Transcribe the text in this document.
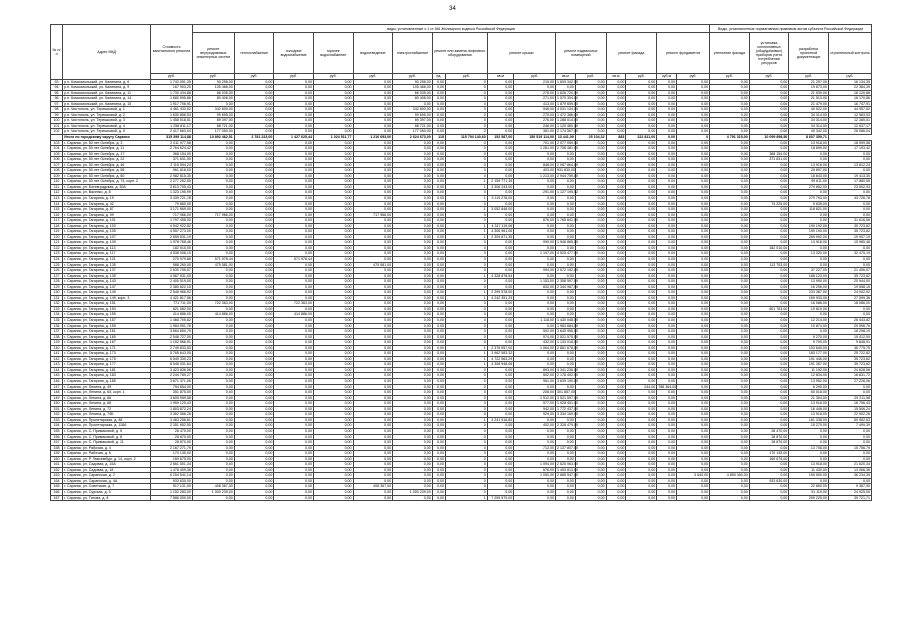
34
№ п/п	Адрес МКД	Стоимость капитального ремонта	виды, установленные ч.1 ст.166 Жилищного кодекса Российской Федерации																Виды, установленные нормативным правовым актом субъекта Российской Федерации			
			ремонт внутридомовых инженерных систем	теплоснабжение	холодное водоснабжение	горячее водоснабжение	водоотведение	электроснабжение	ремонт или замена лифтового оборудования		ремонт крыши		ремонт подвальных помещений		ремонт фасада		ремонт фундамента		утепление фасада	установка коллективных (общедомовых) приборов учета потребления ресурсов	разработка проектной документации	строительный контроль
		руб.	руб.	руб.	руб.	руб.	руб.	руб.	ед.	руб.	кв.м	руб.	кв.м	руб.	кв.м	руб.	куб.м	руб.	руб.	руб.	руб.	руб.
93	р.п. Комсомольский, ул. Калинина, д. 6	1 742 051,35	90 258,00	0,00	0,00	0,00	0,00	90 258,00	0,00	0	0,00	215,00	1 609 342,00	0,00	0,00	0,00	0,00	0,00	0,00	0,00	21 257,00	16 134,35
94	р.п. Комсомольский, ул. Калинина, д. 9	167 903,20	105 466,00	0,00	0,00	0,00	0,00	105 466,00	0,00	0	0,00	0,00	0,00	0,00	0,00	0,00	0,00	0,00	0,00	0,00	19 673,00	22 384,39
95	р.п. Комсомольский, ул. Калинина, д. 11	1 730 434,88	66 035,00	0,00	0,00	0,00	0,00	66 035,00	0,00	0	0,00	278,00	1 626 720,00	0,00	0,00	0,00	0,00	0,00	0,00	0,00	21 539,00	16 120,88
96	р.п. Комсомольский, ул. Калинина, д. 14	1 680 595,86	80 408,00	0,00	0,00	0,00	0,00	80 408,00	0,00	0	0,00	271,00	1 570 304,00	0,00	0,00	0,00	0,00	0,00	0,00	0,00	21 513,00	16 170,86
97	р.п. Комсомольский, ул. Калинина, д. 15	1 917 706,91	0,00	0,00	0,00	0,00	0,00	0,00	0,00	0	0,00	413,00	1 879 659,00	0,00	0,00	0,00	0,00	0,00	0,00	0,00	21 479,00	16 747,91
98	р.п. Чистополь, ул. Терешковой, д. 1	4 461 433,52	342 600,00	0,00	0,00	0,00	0,00	342 600,00	0,00	0	0,00	946,00	4 031 134,00	0,00	0,00	0,00	0,00	0,00	0,00	0,00	40 522,00	44 957,52
99	р.п. Чистополь, ул. Терешковой, д. 2	1 630 856,53	99 695,00	0,00	0,00	0,00	0,00	99 695,00	0,00	0	0,00	275,00	1 472 386,00	0,00	0,00	0,00	0,00	0,00	0,00	0,00	34 314,00	12 583,53
100	р.п. Чистополь, ул. Терешковой, д. 3	1 458 518,51	89 397,00	0,00	0,00	0,00	0,00	89 397,00	0,00	0	0,00	276,00	1 288 014,00	0,00	0,00	0,00	0,00	0,00	0,00	0,00	34 314,00	12 385,51
101	р.п. Чистополь, ул. Терешковой, д. 4	1 256 811,17	88 721,00	0,00	0,00	0,00	0,00	88 721,00	0,00	0	0,00	246,00	1 120 460,00	0,00	0,00	0,00	0,00	0,00	0,00	0,00	34 314,00	12 637,17
102	р.п. Чистополь, ул. Терешковой, д. 5	2 417 663,04	177 050,00	0,00	0,00	0,00	0,00	177 050,00	0,00	0	0,00	381,00	2 174 567,00	0,00	0,00	0,00	0,00	0,00	0,00	0,00	40 342,00	26 086,04
	Итого по городскому округу Саранск	315 399 114,88	10 892 462,51	2 781 223,00	1 427 625,44	1 024 511,77	1 216 693,00	2 624 673,00	115	115 794 140,60	152 587,00	150 519 114,00	13 441,09	25 104,32	883	222 811,00	0,00	0	4 791 315,00	10 099 898,50	8 607 359,71	
103	г. Саранск, ул. 50 лет Октября, д. 3	2 011 977,58	0,00	0,00	0,00	0,00	0,00	0,00	0,00	0	0,00	701,00	2 077 059,00	0,00	0,00	0,00	0,00	0,00	0,00	0,00	13 918,00	18 999,58
104	г. Саранск, ул. 50 лет Октября, д. 11	2 764 624,42	0,00	0,00	0,00	0,00	0,00	0,00	0,00	0	0,00	1 261,00	2 706 481,00	0,00	0,00	0,00	0,00	0,00	0,00	0,00	18 699,00	17 193,42
105	г. Саранск, ул. 50 лет Октября, д. 17	368 154,00	0,00	0,00	0,00	0,00	0,00	0,00	0,00	0	0,00	0,00	0,00	0,00	0,00	0,00	0,00	0,00	0,00	368 154,00	0,00	0,00
106	г. Саранск, ул. 50 лет Октября, д. 22	371 631,00	0,00	0,00	0,00	0,00	0,00	0,00	0,00	0	0,00	0,00	0,00	0,00	0,00	0,00	0,00	0,00	0,00	371 631,00	0,00	0,00
107	г. Саранск, ул. 50 лет Октября, д. 46	2 115 594,24	0,00	0,00	0,00	0,00	0,00	0,00	0,00	0	0,00	848,00	2 087 864,00	0,00	0,00	0,00	0,00	0,00	0,00	0,00	13 918,00	13 812,24
108	г. Саранск, ул. 50 лет Октября, д. 58	961 818,00	0,00	0,00	0,00	0,00	0,00	0,00	0,00	0	0,00	403,00	931 830,00	0,00	0,00	0,00	0,00	0,00	0,00	0,00	29 897,00	0,00
109	г. Саранск, ул. 50 лет Октября, д. 60	2 982 815,30	0,00	0,00	0,00	0,00	0,00	0,00	0,00	0	0,00	1 213,00	2 944 759,00	0,00	0,00	0,00	0,00	0,00	0,00	0,00	18 643,00	19 413,30
110	г. Саранск, ул. 50 лет Октября, д. 74, корп. 2	2 277 262,55	0,00	0,00	0,00	0,00	0,00	0,00	0,00	1	2 159 771,39	0,00	0,00	0,00	0,00	0,00	0,00	0,00	0,00	0,00	99 611,00	17 880,55
111	г. Саранск, ул. Ботевградская, д. 30А	3 613 705,43	0,00	0,00	0,00	0,00	0,00	0,00	0,00	1	3 306 243,00	0,00	0,00	0,00	0,00	0,00	0,00	0,00	0,00	0,00	279 852,00	23 602,93
112	г. Саранск, ул. Васенко, д. 8	1 323 195,99	0,00	0,00	0,00	0,00	0,00	0,00	0,00	0	0,00	291,00	1 127 195,52	0,00	0,00	0,00	0,00	0,00	0,00	0,00	0,00	0,00
113	г. Саранск, ул. Гагарина, д. 19	3 439 721,78	0,00	0,00	0,00	0,00	0,00	0,00	0,00	1	3 119 278,00	0,00	0,00	0,00	0,00	0,00	0,00	0,00	0,00	0,00	279 793,00	43 726,78
114	г. Саранск, ул. Гагарина, д. 42	79 860,00	0,00	0,00	0,00	0,00	0,00	0,00	0,00	0	0,00	0,00	0,00	0,00	0,00	0,00	0,00	0,00	0,00	74 225,00	5 635,00	0,00
115	г. Саранск, ул. Гагарина, д. 87	3 171 669,00	0,00	0,00	0,00	0,00	0,00	0,00	0,00	1	3 052 848,00	0,00	0,00	0,00	0,00	0,00	0,00	0,00	0,00	0,00	118 821,00	0,00
116	г. Саранск, ул. Гагарина, д. 99	717 966,00	717 966,00	0,00	0,00	0,00	717 966,00	0,00	0,00	0	0,00	0,00	0,00	0,00	0,00	0,00	0,00	0,00	0,00	0,00	0,00	0,00
117	г. Саранск, ул. Гагарина, д. 101	1 797 458,00	0,00	0,00	0,00	0,00	0,00	0,00	0,00	0	0,00	676,00	1 765 842,00	0,00	0,00	0,00	0,00	0,00	0,00	0,00	0,00	31 616,56
118	г. Саранск, ул. Гагарина, д. 103	4 542 922,82	0,00	0,00	0,00	0,00	0,00	0,00	0,00	1	4 317 119,06	0,00	0,00	0,00	0,00	0,00	0,00	0,00	0,00	0,00	190 192,00	35 723,82
119	г. Саранск, ул. Гагарина, д. 105	4 557 273,00	0,00	0,00	0,00	0,00	0,00	0,00	0,00	1	4 306 961,06	0,00	0,00	0,00	0,00	0,00	0,00	0,00	0,00	0,00	190 190,00	35 723,82
120	г. Саранск, ул. Гагарина, д. 107	2 659 531,19	0,00	0,00	0,00	0,00	0,00	0,00	0,00	1	2 309 671,35	0,00	0,00	0,00	0,00	0,00	0,00	0,00	0,00	0,00	269 992,00	19 907,19
121	г. Саранск, ул. Гагарина, д. 109	1 978 768,46	0,00	0,00	0,00	0,00	0,00	0,00	0,00	0	0,00	999,00	1 946 865,00	0,00	0,00	0,00	0,00	0,00	0,00	0,00	13 918,00	15 985,46
122	г. Саранск, ул. Гагарина, д. 113	182 010,00	0,00	0,00	0,00	0,00	0,00	0,00	0,00	0	0,00	0,00	0,00	0,00	0,00	0,00	0,00	0,00	0,00	182 010,00	0,00	0,00
123	г. Саранск, ул. Гагарина, д. 117	4 538 008,19	0,00	0,00	0,00	0,00	0,00	0,00	0,00	0	0,00	1 197,00	4 525 477,00	0,00	0,00	0,00	0,00	0,00	0,00	0,00	13 320,00	32 475,19
124	г. Саранск, ул. Гагарина, д. 121	270 979,86	571 978,44	0,00	571 978,44	0,00	0,00	0,00	0,00	0	0,00	0,00	0,00	0,00	0,00	0,00	0,00	0,00	0,00	0,00	0,00	0,00
125	г. Саранск, ул. Гагарина, д. 135	988 260,00	475 581,00	0,00	0,00	0,00	475 581,00	0,00	0,00	0	0,00	0,00	0,00	0,00	0,00	0,00	0,00	0,00	0,00	113 753,00	0,00	0,00
126	г. Саранск, ул. Гагарина, д. 137	2 630 795,57	0,00	0,00	0,00	0,00	0,00	0,00	0,00	0	0,00	994,00	2 572 152,00	0,00	0,00	0,00	0,00	0,00	0,00	0,00	37 227,00	21 406,57
127	г. Саранск, ул. Гагарина, д. 139	4 567 531,00	0,00	0,00	0,00	0,00	0,00	0,00	0,00	1	4 328 878,54	0,00	0,00	0,00	0,00	0,00	0,00	0,00	0,00	0,00	188 123,00	35 723,82
128	г. Саранск, ул. Гагарина, д. 143	2 400 519,00	0,00	0,00	0,00	0,00	0,00	0,00	0,00	0	0,00	1 153,00	2 358 597,00	0,00	0,00	0,00	0,00	0,00	0,00	0,00	13 990,00	20 944,00
129	г. Саранск, ул. Гагарина, д. 147	2 380 822,15	0,00	0,00	0,00	0,00	0,00	0,00	0,00	0	0,00	832,00	2 344 967,00	0,00	0,00	0,00	0,00	0,00	0,00	0,00	16 296,00	19 558,15
130	г. Саранск, ул. Гагарина, д. 149	2 546 966,92	0,00	0,00	0,00	0,00	0,00	0,00	0,00	1	2 299 578,00	0,00	0,00	0,00	0,00	0,00	0,00	0,00	0,00	0,00	233 387,00	24 002,92
131	г. Саранск, ул. Гагарина, д. 149, корп. 3	4 421 817,56	0,00	0,00	0,00	0,00	0,00	0,00	0,00	1	4 242 351,29	0,00	0,00	0,00	0,00	0,00	0,00	0,00	0,00	0,00	169 933,00	27 599,36
132	г. Саранск, ул. Гагарина, д. 151	771 711,00	722 363,00	0,00	722 363,00	0,00	0,00	0,00	0,00	0	0,00	0,00	0,00	0,00	0,00	0,00	0,00	0,00	0,00	0,00	16 086,00	18 086,00
133	г. Саранск, ул. Гагарина, д. 153	821 582,00	0,00	0,00	0,00	0,00	0,00	0,00	0,00	0	0,00	0,00	0,00	0,00	0,00	0,00	0,00	0,00	0,00	801 763,00	19 819,00	0,00
134	г. Саранск, ул. Гагарина, д. 155	414 886,00	414 886,00	0,00	414 886,00	0,00	0,00	0,00	0,00	0	0,00	0,00	0,00	0,00	0,00	0,00	0,00	0,00	0,00	0,00	0,00	0,00
135	г. Саранск, ул. Гагарина, д. 157	1 468 705,82	0,00	0,00	0,00	0,00	0,00	0,00	0,00	0	0,00	1 118,00	1 430 048,00	0,00	0,00	0,00	0,00	0,00	0,00	0,00	12 214,00	26 443,82
136	г. Саранск, ул. Гагарина, д. 159	1 984 991,76	0,00	0,00	0,00	0,00	0,00	0,00	0,00	0	0,00	0,00	1 963 684,00	0,00	0,00	0,00	0,00	0,00	0,00	0,00	10 874,00	29 596,76
137	г. Саранск, ул. Гагарина, д. 161	3 664 650,79	0,00	0,00	0,00	0,00	0,00	0,00	0,00	0	0,00	592,00	3 645 956,00	0,00	0,00	0,00	0,00	0,00	0,00	0,00	0,00	18 298,19
138	г. Саранск, ул. Гагарина, д. 165	2 546 727,00	0,00	0,00	0,00	0,00	0,00	0,00	0,00	0	0,00	974,00	2 521 575,00	0,00	0,00	0,00	0,00	0,00	0,00	0,00	9 270,00	15 412,09
139	г. Саранск, ул. Гагарина, д. 167	1 152 566,91	0,00	0,00	0,00	0,00	0,00	0,00	0,00	0	0,00	432,00	1 133 018,00	0,00	0,00	0,00	0,00	0,00	0,00	0,00	9 700,00	9 848,91
140	г. Саранск, ул. Гагарина, д. 171	2 749 833,53	0,00	0,00	0,00	0,00	0,00	0,00	0,00	1	2 376 957,00	1 064,00	2 861 678,00	0,00	0,00	0,00	0,00	0,00	0,00	0,00	103 640,00	46 775,75
141	г. Саранск, ул. Гагарина, д. 173	5 765 643,05	0,00	0,00	0,00	0,00	0,00	0,00	0,00	1	3 962 583,32	0,00	0,00	0,00	0,00	0,00	0,00	0,00	0,00	0,00	183 177,00	25 722,82
142	г. Саранск, ул. Гагарина, д. 175	6 549 330,23	0,00	0,00	0,00	0,00	0,00	0,00	0,00	1	4 722 563,29	0,00	0,00	0,00	0,00	0,00	0,00	0,00	0,00	0,00	191 446,00	35 723,82
143	г. Саранск, ул. Гагарина, д. 177	8 548 031,64	0,00	0,00	0,00	0,00	0,00	0,00	0,00	1	4 308 948,06	0,00	0,00	0,00	0,00	0,00	0,00	0,00	0,00	0,00	191 357,00	35 723,82
144	г. Саранск, ул. Гагарина, д. 181	3 423 836,56	0,00	0,00	0,00	0,00	0,00	0,00	0,00	0	0,00	893,00	3 341 236,00	0,00	0,00	0,00	0,00	0,00	0,00	0,00	11 192,00	24 628,56
145	г. Саранск, ул. Гагарина, д. 183	2 244 789,27	0,00	0,00	0,00	0,00	0,00	0,00	0,00	0	0,00	502,00	2 178 492,00	0,00	0,00	0,00	0,00	0,00	0,00	0,00	12 834,00	16 831,72
146	г. Саранск, ул. Гагарина, д. 185	3 671 371,06	0,00	0,00	0,00	0,00	0,00	0,00	0,00	0	0,00	961,00	3 639 190,00	0,00	0,00	0,00	0,00	0,00	0,00	0,00	13 952,00	27 226,06
147	г. Саранск, ул. Ленина, д. 49	794 654,00	0,00	0,00	0,00	0,00	0,00	0,00	0,00	0	0,00	0,00	0,00	0,00	0,00	244,00	788 364,00	0,00	0,00	0,00	6 290,00	0,00
148	г. Саранск, ул. Ленина, д. 64, корп. 1	351 875,00	0,00	0,00	0,00	0,00	0,00	0,00	0,00	0	0,00	208,00	301 857,00	0,00	0,00	0,00	0,00	0,00	0,00	0,00	50 018,00	0,00
149	г. Саранск, ул. Ленина, д. 66	3 605 959,58	0,00	0,00	0,00	0,00	0,00	0,00	0,00	0	0,00	1 512,00	3 521 597,00	0,00	0,00	0,00	0,00	0,00	0,00	0,00	21 304,00	29 211,58
150	г. Саранск, ул. Ленина, д. 68	1 959 125,43	0,00	0,00	0,00	0,00	0,00	0,00	0,00	0	0,00	577,00	1 928 451,00	0,00	0,00	0,00	0,00	0,00	0,00	0,00	13 918,00	16 756,43
151	г. Саранск, ул. Ленина, д. 72	1 803 872,24	0,00	0,00	0,00	0,00	0,00	0,00	0,00	0	0,00	942,00	1 772 437,00	0,00	0,00	0,00	0,00	0,00	0,00	0,00	16 446,00	15 506,24
152	г. Саранск, ул. Ленина, д. 74Б	3 362 066,26	0,00	0,00	0,00	0,00	0,00	0,00	0,00	0	0,00	929,00	3 334 169,00	0,00	0,00	0,00	0,00	0,00	0,00	0,00	13 918,00	22 902,26
153	г. Саранск, ул. Пролетарская, д. 88	3 463 256,61	0,00	0,00	0,00	0,00	0,00	0,00	0,00	1	3 241 916,80	0,00	0,00	0,00	0,00	0,00	0,00	0,00	0,00	0,00	161 338,00	50 962,63
154	г. Саранск, ул. Пролетарская, д. 118А	2 351 652,50	0,00	0,00	0,00	0,00	0,00	0,00	0,00	0	0,00	402,00	2 328 479,00	0,00	0,00	0,00	0,00	0,00	0,00	0,00	15 270,00	7 499,39
155	г. Саранск, ул. С. Примаковой, д. 5	28 470,00	0,00	0,00	0,00	0,00	0,00	0,00	0,00	0	0,00	0,00	0,00	0,00	0,00	0,00	0,00	0,00	0,00	28 470,00	0,00	0,00
156	г. Саранск, ул. С. Примаковой, д. 8	28 870,00	0,00	0,00	0,00	0,00	0,00	0,00	0,00	0	0,00	0,00	0,00	0,00	0,00	0,00	0,00	0,00	0,00	28 870,00	0,00	0,00
157	г. Саранск, ул. С. Примаковой, д. 11	28 870,00	0,00	0,00	0,00	0,00	0,00	0,00	0,00	0	0,00	0,00	0,00	0,00	0,00	0,00	0,00	0,00	0,00	28 870,00	0,00	0,00
158	г. Саранск, ул. Рабочая, д. 4	2 167 271,79	0,00	0,00	0,00	0,00	0,00	0,00	0,00	0	0,00	712,00	2 137 807,00	0,00	0,00	0,00	0,00	0,00	0,00	0,00	13 708,00	15 756,79
159	г. Саранск, ул. Рабочая, д. 6	170 135,00	0,00	0,00	0,00	0,00	0,00	0,00	0,00	0	0,00	0,00	0,00	0,00	0,00	0,00	0,00	0,00	0,00	170 135,00	0,00	0,00
160	г. Саранск, ул. Р. Люксембург, д. 14, корп. 2	169 675,00	0,00	0,00	0,00	0,00	0,00	0,00	0,00	0	0,00	0,00	0,00	0,00	0,00	0,00	0,00	0,00	0,00	169 675,00	0,00	0,00
161	г. Саранск, ул. Садовая, д. 15А	2 661 501,34	0,00	0,00	0,00	0,00	0,00	0,00	0,00	0	0,00	1 094,00	2 625 963,00	0,00	0,00	0,00	0,00	0,00	0,00	0,00	13 918,00	21 620,34
162	г. Саранск, ул. Садовая, д. 18	1 478 409,36	0,00	0,00	0,00	0,00	0,00	0,00	0,00	0	0,00	676,00	1 453 813,00	0,00	0,00	0,00	0,00	0,00	0,00	0,00	11 430,00	13 066,36
163	г. Саранск, ул. Саранская, д. 2	6 254 541,14	0,00	0,00	0,00	0,00	0,00	0,00	0,00	0	0,00	1 050,00	2 685 547,00	0,00	0,00	0,00	0,00	3 640,00	4 890 400,00	0,00	190 900,00	36 234,35
164	г. Саранск, ул. Саранская, д. 4А	933 630,00	0,00	0,00	0,00	0,00	0,00	0,00	0,00	0	0,00	0,00	0,00	0,00	0,00	0,00	0,00	0,00	0,00	933 630,00	0,00	0,00
165	г. Саранск, ул. Советская, д. 7	517 131,00	408 367,00	0,00	0,00	0,00	408 367,00	0,00	0,00	0	0,00	0,00	0,00	0,00	0,00	0,00	0,00	0,00	0,00	0,00	22 860,00	9 387,90
166	г. Саранск, ул. Сурская, д. 5	1 152 283,00	1 000 239,00	0,00	0,00	0,00	0,00	1 000 239,00	0,00	0	0,00	0,00	0,00	0,00	0,00	0,00	0,00	0,00	0,00	0,00	91 119,00	24 925,00
167	г. Саранск, ул. Титова, д. 8	7 586 000,00	0,00	0,00	0,00	0,00	0,00	0,00	0,00	1	7 259 579,00	0,00	0,00	0,00	0,00	0,00	0,00	0,00	0,00	0,00	209 225,00	39 721,71
